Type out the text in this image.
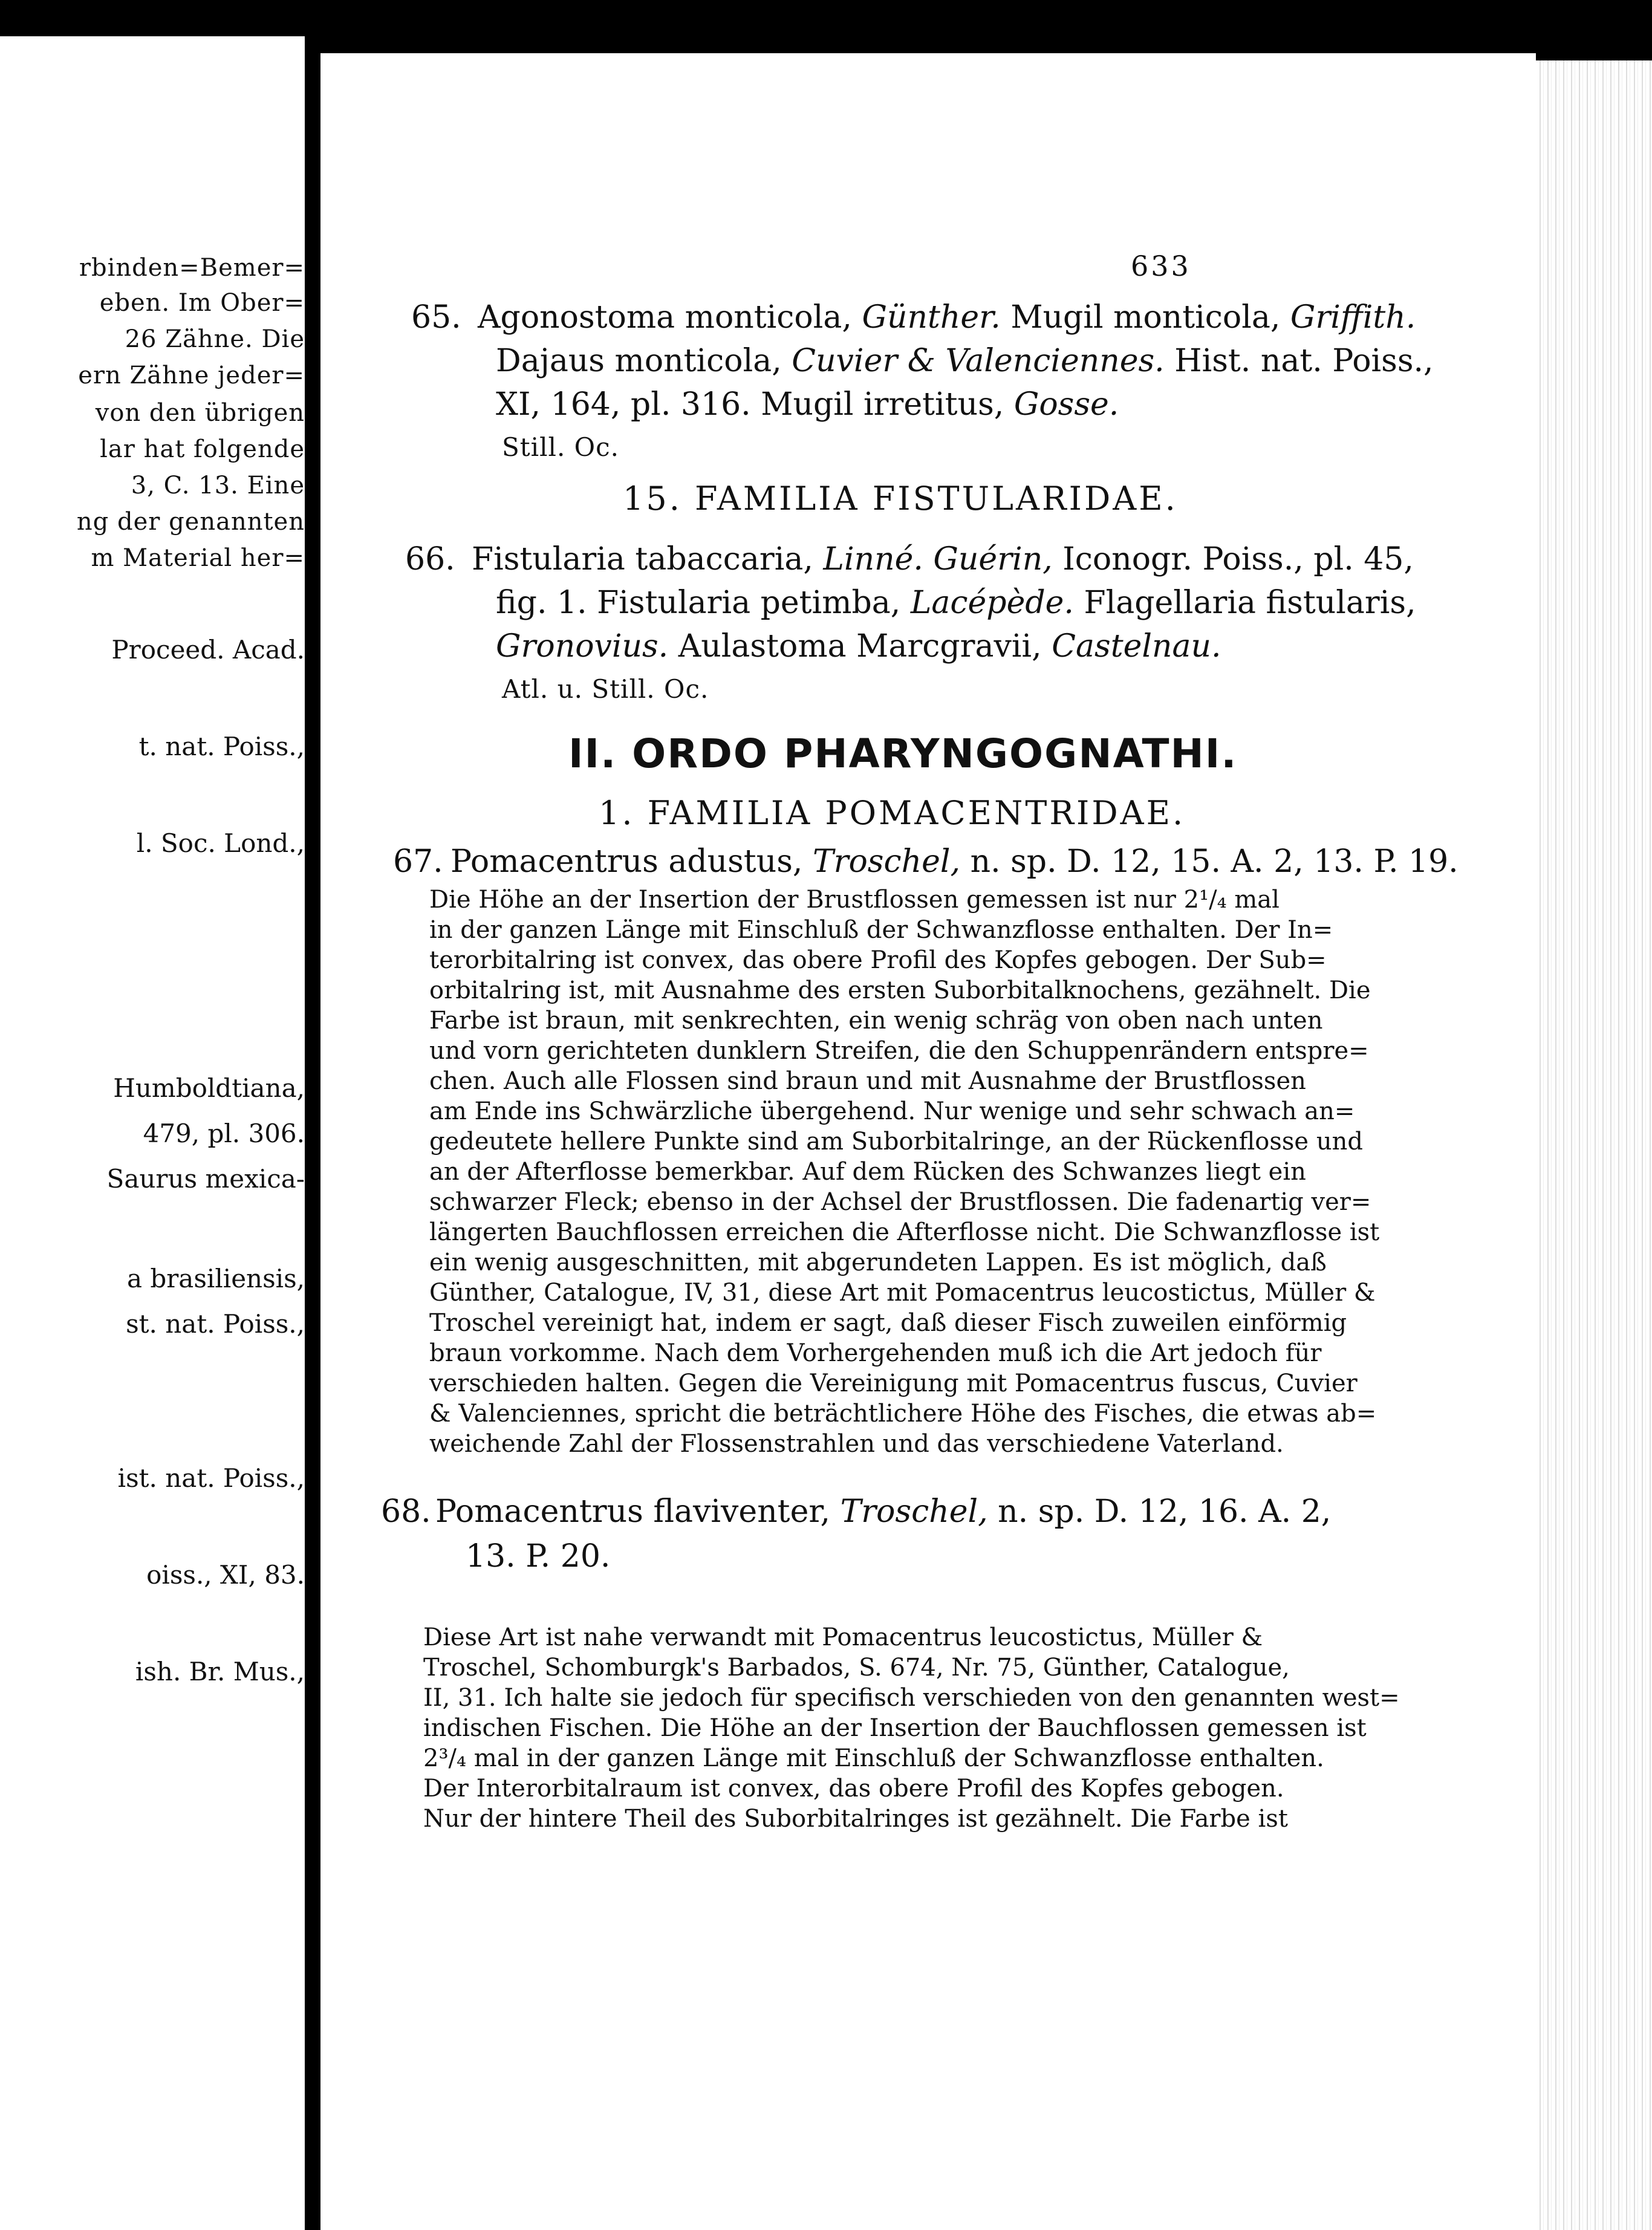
rbinden=Bemer=
eben. Im Ober=
26 Zähne. Die
ern Zähne jeder=
von den übrigen
lar hat folgende
3, C. 13. Eine
ng der genannten
m Material her=
Proceed. Acad.
t. nat. Poiss.,
l. Soc. Lond.,
Humboldtiana,
479, pl. 306.
Saurus mexica-
a brasiliensis,
st. nat. Poiss.,
ist. nat. Poiss.,
oiss., XI, 83.
ish. Br. Mus.,
633
65. Agonostoma monticola, Günther. Mugil monticola, Griffith.
Dajaus monticola, Cuvier & Valenciennes. Hist. nat. Poiss.,
XI, 164, pl. 316. Mugil irretitus, Gosse.
Still. Oc.
15. FAMILIA FISTULARIDAE.
66. Fistularia tabaccaria, Linné. Guérin, Iconogr. Poiss., pl. 45,
fig. 1. Fistularia petimba, Lacépède. Flagellaria fistularis,
Gronovius. Aulastoma Marcgravii, Castelnau.
Atl. u. Still. Oc.
II. ORDO PHARYNGOGNATHI.
1. FAMILIA POMACENTRIDAE.
67. Pomacentrus adustus, Troschel, n. sp. D. 12, 15. A. 2, 13. P. 19.
Die Höhe an der Insertion der Brustflossen gemessen ist nur 2¹/₄ mal
in der ganzen Länge mit Einschluß der Schwanzflosse enthalten. Der In=
terorbitalring ist convex, das obere Profil des Kopfes gebogen. Der Sub=
orbitalring ist, mit Ausnahme des ersten Suborbitalknochens, gezähnelt. Die
Farbe ist braun, mit senkrechten, ein wenig schräg von oben nach unten
und vorn gerichteten dunklern Streifen, die den Schuppenrändern entspre=
chen. Auch alle Flossen sind braun und mit Ausnahme der Brustflossen
am Ende ins Schwärzliche übergehend. Nur wenige und sehr schwach an=
gedeutete hellere Punkte sind am Suborbitalringe, an der Rückenflosse und
an der Afterflosse bemerkbar. Auf dem Rücken des Schwanzes liegt ein
schwarzer Fleck; ebenso in der Achsel der Brustflossen. Die fadenartig ver=
längerten Bauchflossen erreichen die Afterflosse nicht. Die Schwanzflosse ist
ein wenig ausgeschnitten, mit abgerundeten Lappen. Es ist möglich, daß
Günther, Catalogue, IV, 31, diese Art mit Pomacentrus leucostictus, Müller &
Troschel vereinigt hat, indem er sagt, daß dieser Fisch zuweilen einförmig
braun vorkomme. Nach dem Vorhergehenden muß ich die Art jedoch für
verschieden halten. Gegen die Vereinigung mit Pomacentrus fuscus, Cuvier
& Valenciennes, spricht die beträchtlichere Höhe des Fisches, die etwas ab=
weichende Zahl der Flossenstrahlen und das verschiedene Vaterland.
68. Pomacentrus flaviventer, Troschel, n. sp. D. 12, 16. A. 2,
13. P. 20.
Diese Art ist nahe verwandt mit Pomacentrus leucostictus, Müller &
Troschel, Schomburgk's Barbados, S. 674, Nr. 75, Günther, Catalogue,
II, 31. Ich halte sie jedoch für specifisch verschieden von den genannten west=
indischen Fischen. Die Höhe an der Insertion der Bauchflossen gemessen ist
2³/₄ mal in der ganzen Länge mit Einschluß der Schwanzflosse enthalten.
Der Interorbitalraum ist convex, das obere Profil des Kopfes gebogen.
Nur der hintere Theil des Suborbitalringes ist gezähnelt. Die Farbe ist
